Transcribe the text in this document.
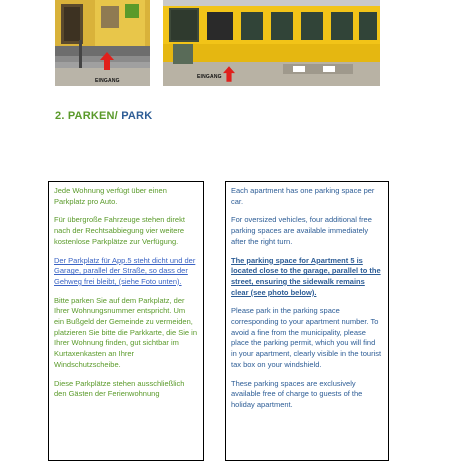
EINGANG
EINGANG
2. PARKEN/ PARK

Jede Wohnung verfügt über einen Parkplatz pro Auto.

Für übergroße Fahrzeuge stehen direkt nach der Rechtsabbiegung vier weitere kostenlose Parkplätze zur Verfügung.

Der Parkplatz für App.5 steht dicht und der Garage, parallel der Straße, so dass der Gehweg frei bleibt, (siehe Foto unten).

Bitte parken Sie auf dem Parkplatz, der Ihrer Wohnungsnummer entspricht. Um ein Bußgeld der Gemeinde zu vermeiden, platzieren Sie bitte die Parkkarte, die Sie in Ihrer Wohnung finden, gut sichtbar im Kurtaxenkasten an Ihrer Windschutzscheibe.

Diese Parkplätze stehen ausschließlich den Gästen der Ferienwohnung

Each apartment has one parking space per car.

For oversized vehicles, four additional free parking spaces are available immediately after the right turn.

The parking space for Apartment 5 is located close to the garage, parallel to the street, ensuring the sidewalk remains clear (see photo below).

Please park in the parking space corresponding to your apartment number. To avoid a fine from the municipality, please place the parking permit, which you will find in your apartment, clearly visible in the tourist tax box on your windshield.

These parking spaces are exclusively available free of charge to guests of the holiday apartment.
